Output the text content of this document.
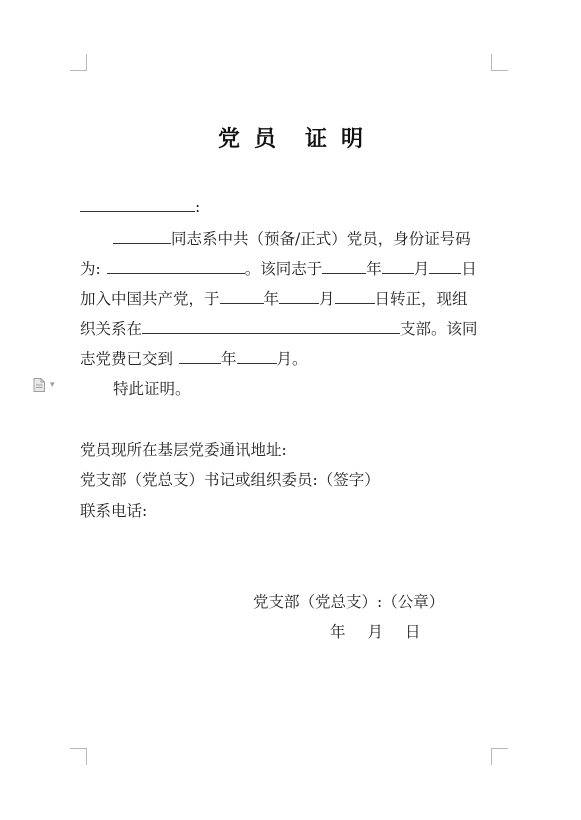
党 员 证 明
:
同志系中共（预备/正式）党员，身份证号码
为:	。该同志于	年 月 日
加入中国共产党，于	年	月	日转正，现组
织关系在	支部。该同
志党费已交到	年	月。
▾	特此证明。
党员现所在基层党委通讯地址:
党支部（党总支）书记或组织委员:（签字）
联系电话:
党支部（党总支）:（公章）
年 月 日
